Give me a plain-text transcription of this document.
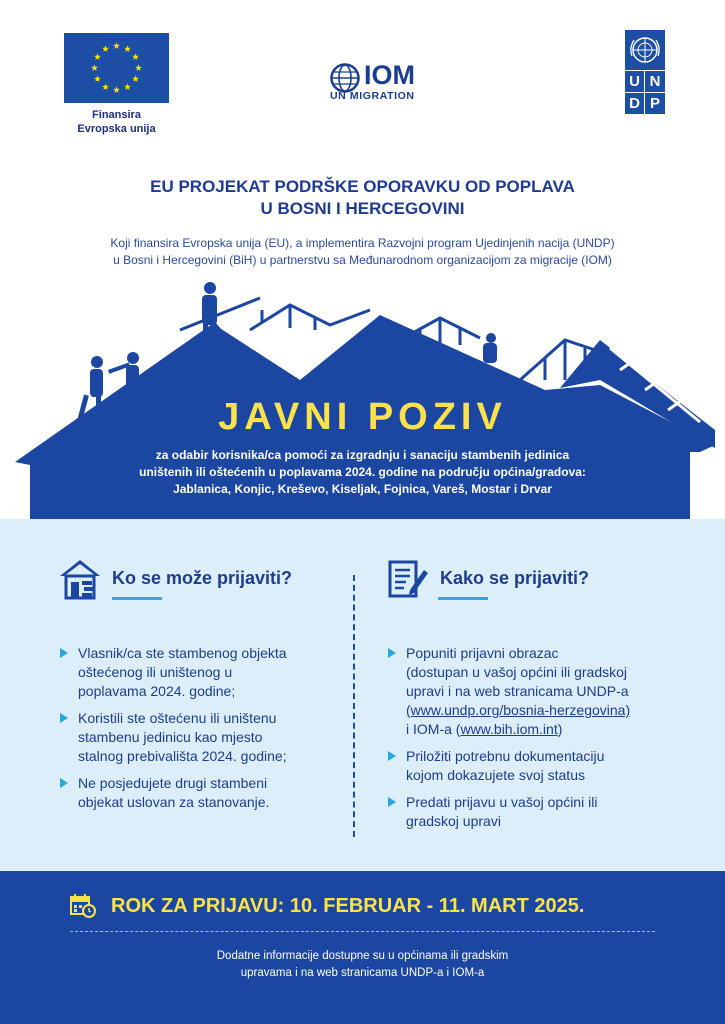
Finansira
Evropska unija
IOM
UN MIGRATION
U N
D P
EU PROJEKAT PODRŠKE OPORAVKU OD POPLAVA
U BOSNI I HERCEGOVINI
Koji finansira Evropska unija (EU), a implementira Razvojni program Ujedinjenih nacija (UNDP)
u Bosni i Hercegovini (BiH) u partnerstvu sa Međunarodnom organizacijom za migracije (IOM)
JAVNI POZIV
za odabir korisnika/ca pomoći za izgradnju i sanaciju stambenih jedinica
uništenih ili oštećenih u poplavama 2024. godine na području općina/gradova:
Jablanica, Konjic, Kreševo, Kiseljak, Fojnica, Vareš, Mostar i Drvar
Ko se može prijaviti?
Vlasnik/ca ste stambenog objekta
oštećenog ili uništenog u
poplavama 2024. godine;
Koristili ste oštećenu ili uništenu
stambenu jedinicu kao mjesto
stalnog prebivališta 2024. godine;
Ne posjedujete drugi stambeni
objekat uslovan za stanovanje.
Kako se prijaviti?
Popuniti prijavni obrazac
(dostupan u vašoj općini ili gradskoj
upravi i na web stranicama UNDP-a
(www.undp.org/bosnia-herzegovina)
i IOM-a (www.bih.iom.int)
Priložiti potrebnu dokumentaciju
kojom dokazujete svoj status
Predati prijavu u vašoj općini ili
gradskoj upravi
ROK ZA PRIJAVU: 10. FEBRUAR - 11. MART 2025.
Dodatne informacije dostupne su u općinama ili gradskim
upravama i na web stranicama UNDP-a i IOM-a
